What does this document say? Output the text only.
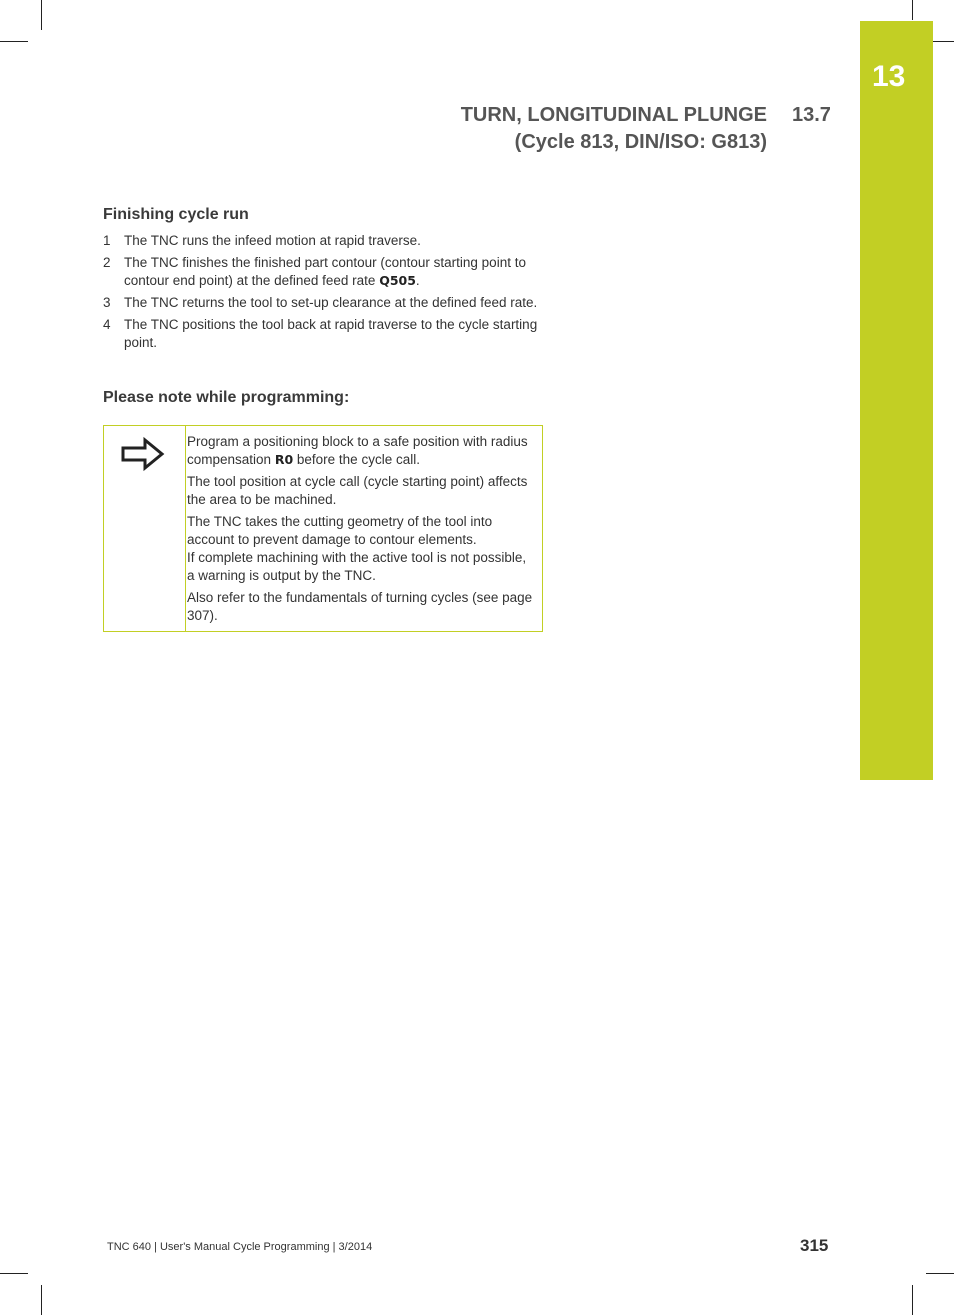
13
TURN, LONGITUDINAL PLUNGE
(Cycle 813, DIN/ISO: G813)
13.7
Finishing cycle run
1 The TNC runs the infeed motion at rapid traverse.
2 The TNC finishes the finished part contour (contour starting point to contour end point) at the defined feed rate Q505.
3 The TNC returns the tool to set-up clearance at the defined feed rate.
4 The TNC positions the tool back at rapid traverse to the cycle starting point.
Please note while programming:

Program a positioning block to a safe position with radius compensation R0 before the cycle call.

The tool position at cycle call (cycle starting point) affects the area to be machined.

The TNC takes the cutting geometry of the tool into account to prevent damage to contour elements.
If complete machining with the active tool is not possible, a warning is output by the TNC.

Also refer to the fundamentals of turning cycles (see page 307).

TNC 640 | User's Manual Cycle Programming | 3/2014	315
